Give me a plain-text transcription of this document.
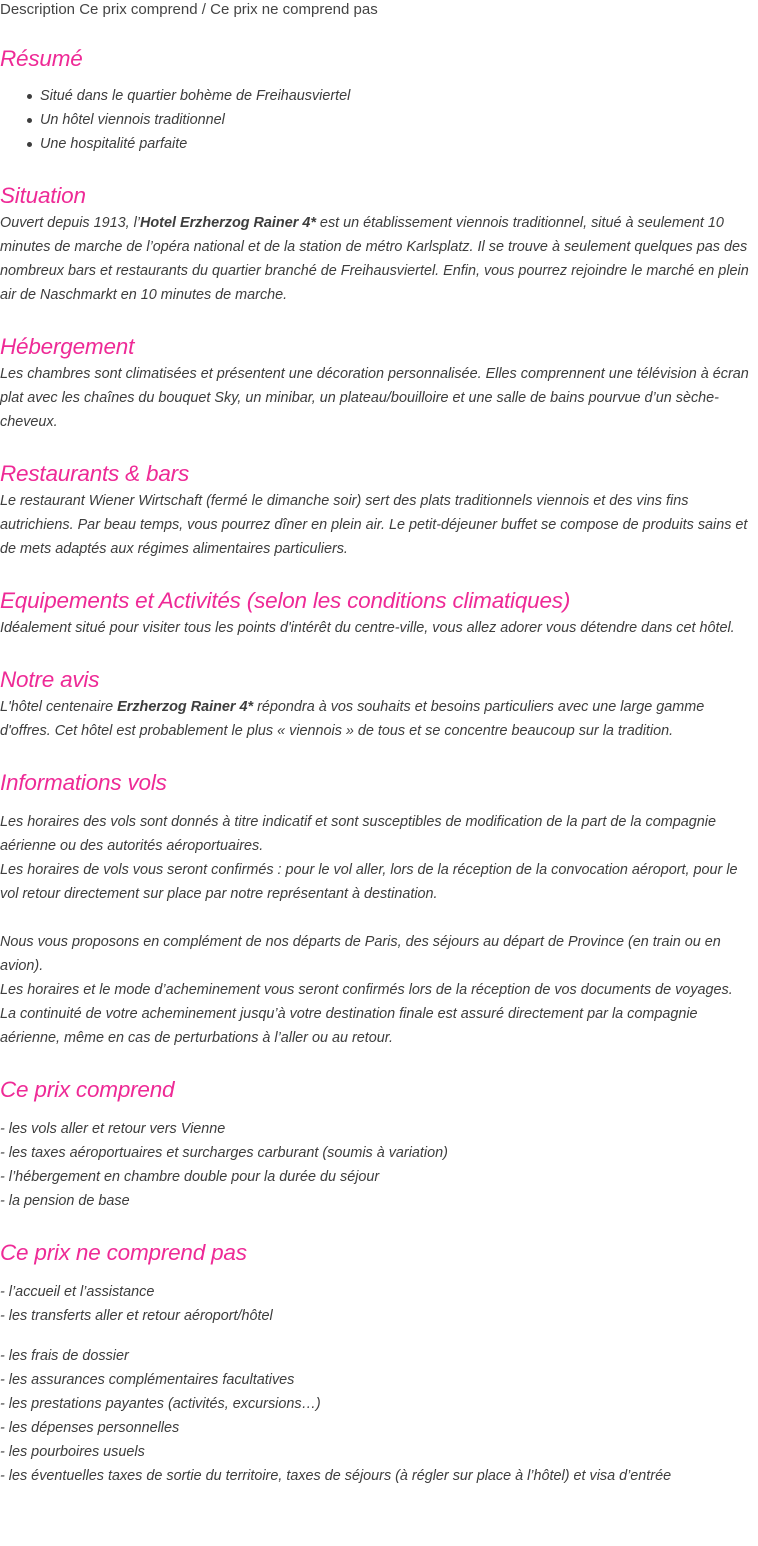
Description Ce prix comprend / Ce prix ne comprend pas
Résumé
Situé dans le quartier bohème de Freihausviertel
Un hôtel viennois traditionnel
Une hospitalité parfaite
Situation

Ouvert depuis 1913, l’Hotel Erzherzog Rainer 4* est un établissement viennois traditionnel, situé à seulement 10 minutes de marche de l’opéra national et de la station de métro Karlsplatz. Il se trouve à seulement quelques pas des nombreux bars et restaurants du quartier branché de Freihausviertel. Enfin, vous pourrez rejoindre le marché en plein air de Naschmarkt en 10 minutes de marche.

Hébergement

Les chambres sont climatisées et présentent une décoration personnalisée. Elles comprennent une télévision à écran plat avec les chaînes du bouquet Sky, un minibar, un plateau/bouilloire et une salle de bains pourvue d’un sèche-cheveux.

Restaurants & bars

Le restaurant Wiener Wirtschaft (fermé le dimanche soir) sert des plats traditionnels viennois et des vins fins autrichiens. Par beau temps, vous pourrez dîner en plein air. Le petit-déjeuner buffet se compose de produits sains et de mets adaptés aux régimes alimentaires particuliers.

Equipements et Activités (selon les conditions climatiques)

Idéalement situé pour visiter tous les points d'intérêt du centre-ville, vous allez adorer vous détendre dans cet hôtel.

Notre avis

L'hôtel centenaire Erzherzog Rainer 4* répondra à vos souhaits et besoins particuliers avec une large gamme d'offres. Cet hôtel est probablement le plus « viennois » de tous et se concentre beaucoup sur la tradition.

Informations vols

Les horaires des vols sont donnés à titre indicatif et sont susceptibles de modification de la part de la compagnie aérienne ou des autorités aéroportuaires.

Les horaires de vols vous seront confirmés : pour le vol aller, lors de la réception de la convocation aéroport, pour le vol retour directement sur place par notre représentant à destination.

Nous vous proposons en complément de nos départs de Paris, des séjours au départ de Province (en train ou en avion).

Les horaires et le mode d’acheminement vous seront confirmés lors de la réception de vos documents de voyages.

La continuité de votre acheminement jusqu’à votre destination finale est assuré directement par la compagnie aérienne, même en cas de perturbations à l’aller ou au retour.

Ce prix comprend
- les vols aller et retour vers Vienne
- les taxes aéroportuaires et surcharges carburant (soumis à variation)
- l’hébergement en chambre double pour la durée du séjour
- la pension de base
Ce prix ne comprend pas
- l’accueil et l’assistance
- les transferts aller et retour aéroport/hôtel
- les frais de dossier
- les assurances complémentaires facultatives
- les prestations payantes (activités, excursions…)
- les dépenses personnelles
- les pourboires usuels
- les éventuelles taxes de sortie du territoire, taxes de séjours (à régler sur place à l’hôtel) et visa d’entrée
